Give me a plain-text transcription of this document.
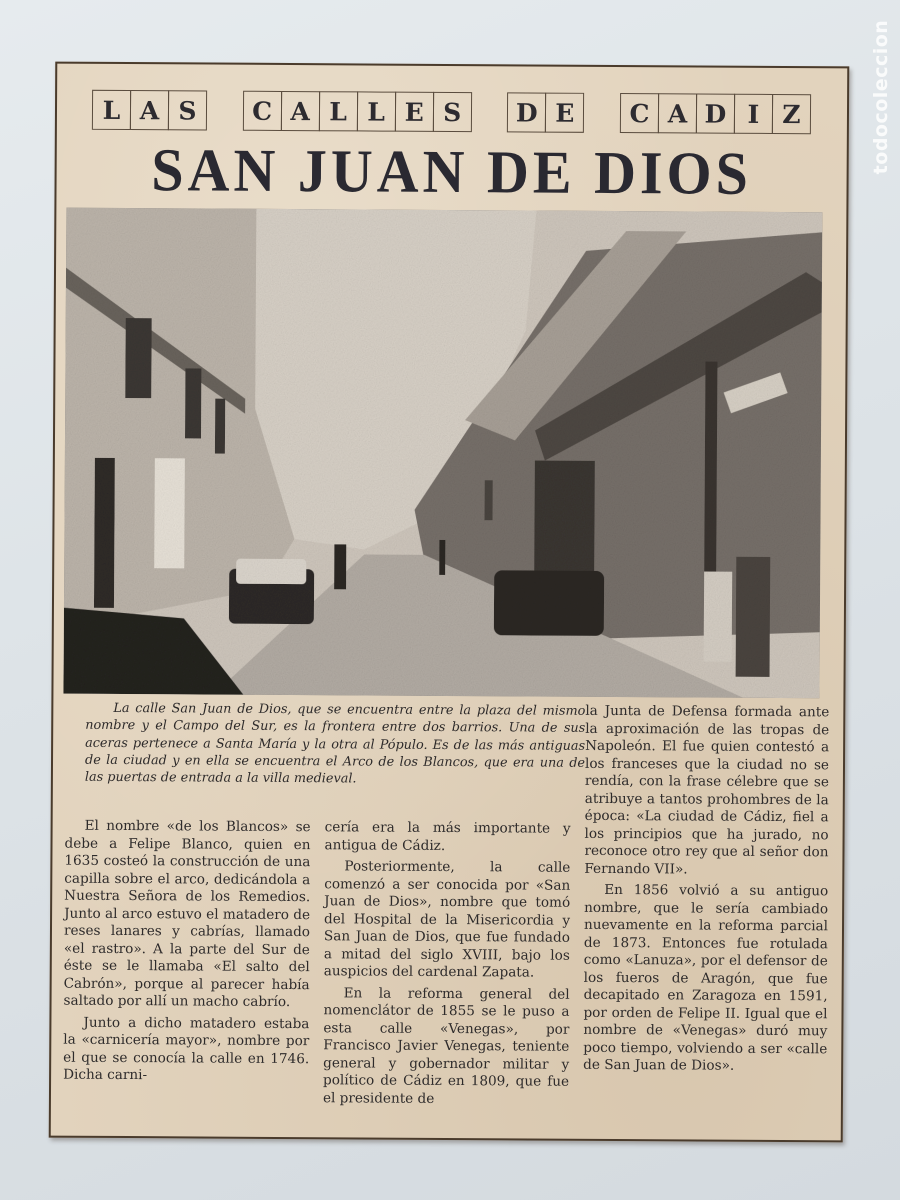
todocoleccion
L A S	C A L L E S	D E	C A D I Z
SAN JUAN DE DIOS
La calle San Juan de Dios, que se encuentra entre la plaza del mismo nombre y el Campo del Sur, es la frontera entre dos barrios. Una de sus aceras pertenece a Santa María y la otra al Pópulo. Es de las más antiguas de la ciudad y en ella se encuentra el Arco de los Blancos, que era una de las puertas de entrada a la villa medieval.

El nombre «de los Blancos» se debe a Felipe Blanco, quien en 1635 costeó la construcción de una capilla sobre el arco, dedicándola a Nuestra Señora de los Remedios. Junto al arco estuvo el matadero de reses lanares y cabrías, llamado «el rastro». A la parte del Sur de éste se le llamaba «El salto del Cabrón», porque al parecer había saltado por allí un macho cabrío.

Junto a dicho matadero estaba la «carnicería mayor», nombre por el que se conocía la calle en 1746. Dicha carni-

cería era la más importante y antigua de Cádiz.

Posteriormente, la calle comenzó a ser conocida por «San Juan de Dios», nombre que tomó del Hospital de la Misericordia y San Juan de Dios, que fue fundado a mitad del siglo XVIII, bajo los auspicios del cardenal Zapata.

En la reforma general del nomenclátor de 1855 se le puso a esta calle «Venegas», por Francisco Javier Venegas, teniente general y gobernador militar y político de Cádiz en 1809, que fue el presidente de

la Junta de Defensa formada ante la aproximación de las tropas de Napoleón. El fue quien contestó a los franceses que la ciudad no se rendía, con la frase célebre que se atribuye a tantos prohombres de la época: «La ciudad de Cádiz, fiel a los principios que ha jurado, no reconoce otro rey que al señor don Fernando VII».

En 1856 volvió a su antiguo nombre, que le sería cambiado nuevamente en la reforma parcial de 1873. Entonces fue rotulada como «Lanuza», por el defensor de los fueros de Aragón, que fue decapitado en Zaragoza en 1591, por orden de Felipe II. Igual que el nombre de «Venegas» duró muy poco tiempo, volviendo a ser «calle de San Juan de Dios».
